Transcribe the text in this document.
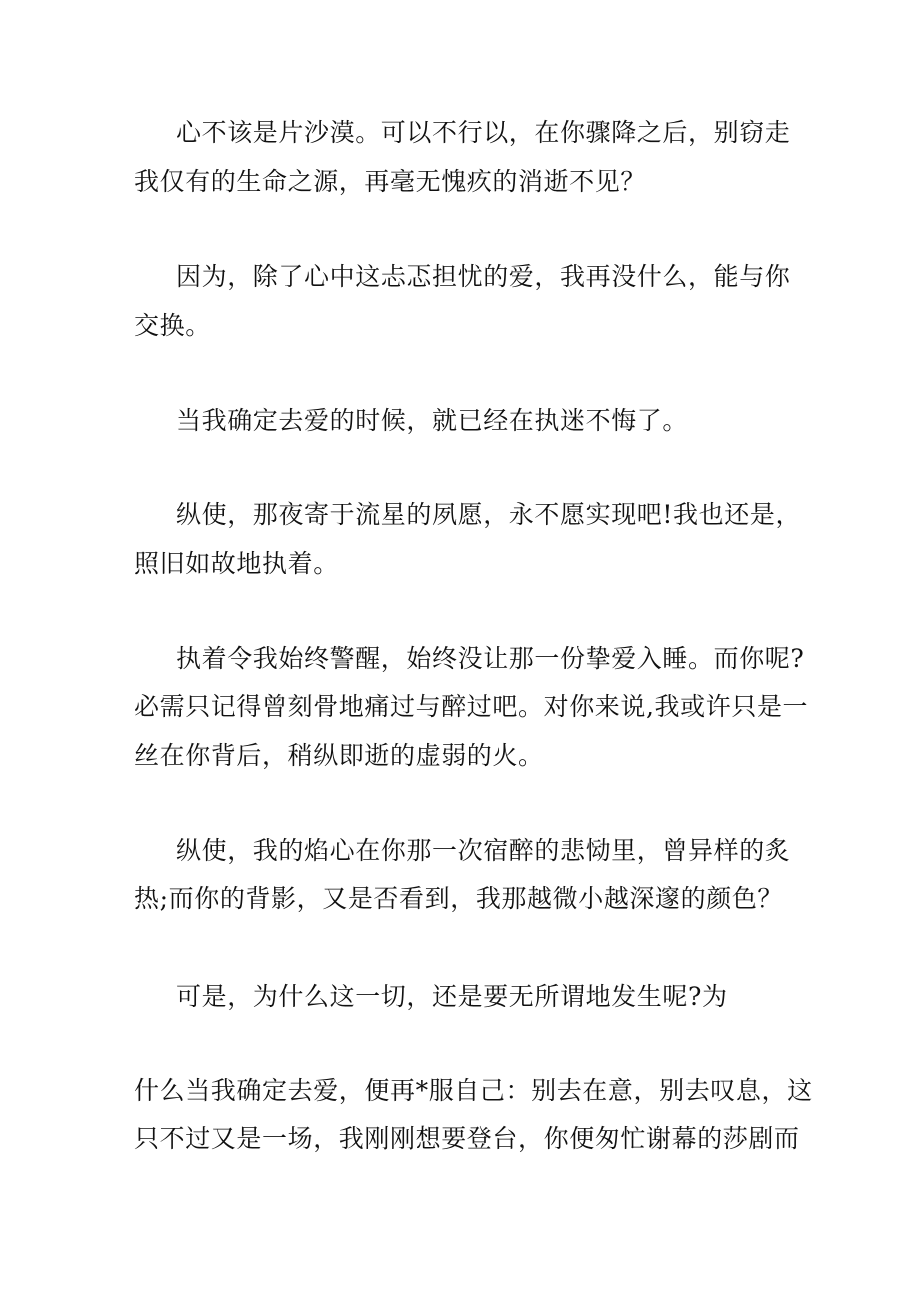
心不该是片沙漠。可以不行以，在你骤降之后，别窃走
我仅有的生命之源，再毫无愧疚的消逝不见？
因为，除了心中这忐忑担忧的爱，我再没什么，能与你
交换。
当我确定去爱的时候，就已经在执迷不悔了。
纵使，那夜寄于流星的夙愿，永不愿实现吧!我也还是，
照旧如故地执着。
执着令我始终警醒，始终没让那一份挚爱入睡。而你呢?
必需只记得曾刻骨地痛过与醉过吧。对你来说,我或许只是一
丝在你背后，稍纵即逝的虚弱的火。
纵使，我的焰心在你那一次宿醉的悲恸里，曾异样的炙
热;而你的背影，又是否看到，我那越微小越深邃的颜色？
可是，为什么这一切，还是要无所谓地发生呢?为
什么当我确定去爱，便再*服自己：别去在意，别去叹息，这
只不过又是一场，我刚刚想要登台，你便匆忙谢幕的莎剧而
